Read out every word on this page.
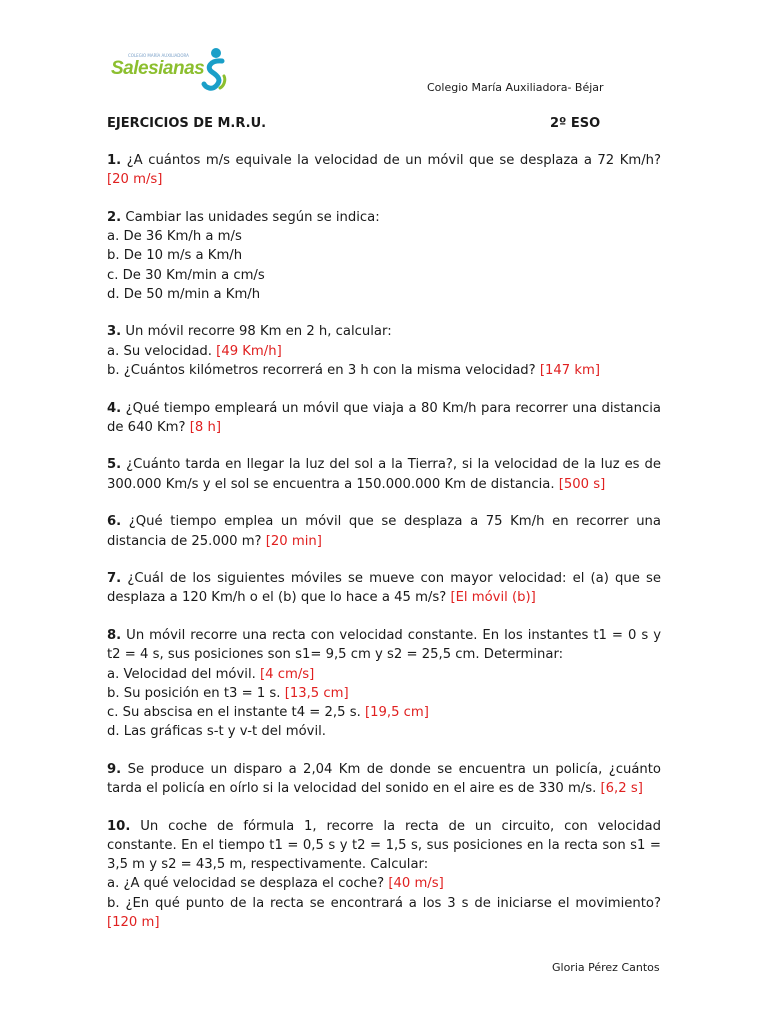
COLEGIO MARÍA AUXILIADORA
Salesianas
Colegio María Auxiliadora- Béjar
EJERCICIOS DE M.R.U.	2º ESO
1. ¿A cuántos m/s equivale la velocidad de un móvil que se desplaza a 72 Km/h? [20 m/s]
2. Cambiar las unidades según se indica:
a. De 36 Km/h a m/s
b. De 10 m/s a Km/h
c. De 30 Km/min a cm/s
d. De 50 m/min a Km/h
3. Un móvil recorre 98 Km en 2 h, calcular:
a. Su velocidad. [49 Km/h]
b. ¿Cuántos kilómetros recorrerá en 3 h con la misma velocidad? [147 km]
4. ¿Qué tiempo empleará un móvil que viaja a 80 Km/h para recorrer una distancia de 640 Km? [8 h]
5. ¿Cuánto tarda en llegar la luz del sol a la Tierra?, si la velocidad de la luz es de 300.000 Km/s y el sol se encuentra a 150.000.000 Km de distancia. [500 s]
6. ¿Qué tiempo emplea un móvil que se desplaza a 75 Km/h en recorrer una distancia de 25.000 m? [20 min]
7. ¿Cuál de los siguientes móviles se mueve con mayor velocidad: el (a) que se desplaza a 120 Km/h o el (b) que lo hace a 45 m/s? [El móvil (b)]
8. Un móvil recorre una recta con velocidad constante. En los instantes t1 = 0 s y t2 = 4 s, sus posiciones son s1= 9,5 cm y s2 = 25,5 cm. Determinar:
a. Velocidad del móvil. [4 cm/s]
b. Su posición en t3 = 1 s. [13,5 cm]
c. Su abscisa en el instante t4 = 2,5 s. [19,5 cm]
d. Las gráficas s-t y v-t del móvil.
9. Se produce un disparo a 2,04 Km de donde se encuentra un policía, ¿cuánto tarda el policía en oírlo si la velocidad del sonido en el aire es de 330 m/s. [6,2 s]
10. Un coche de fórmula 1, recorre la recta de un circuito, con velocidad constante. En el tiempo t1 = 0,5 s y t2 = 1,5 s, sus posiciones en la recta son s1 = 3,5 m y s2 = 43,5 m, respectivamente. Calcular:
a. ¿A qué velocidad se desplaza el coche? [40 m/s]
b. ¿En qué punto de la recta se encontrará a los 3 s de iniciarse el movimiento? [120 m]
Gloria Pérez Cantos
